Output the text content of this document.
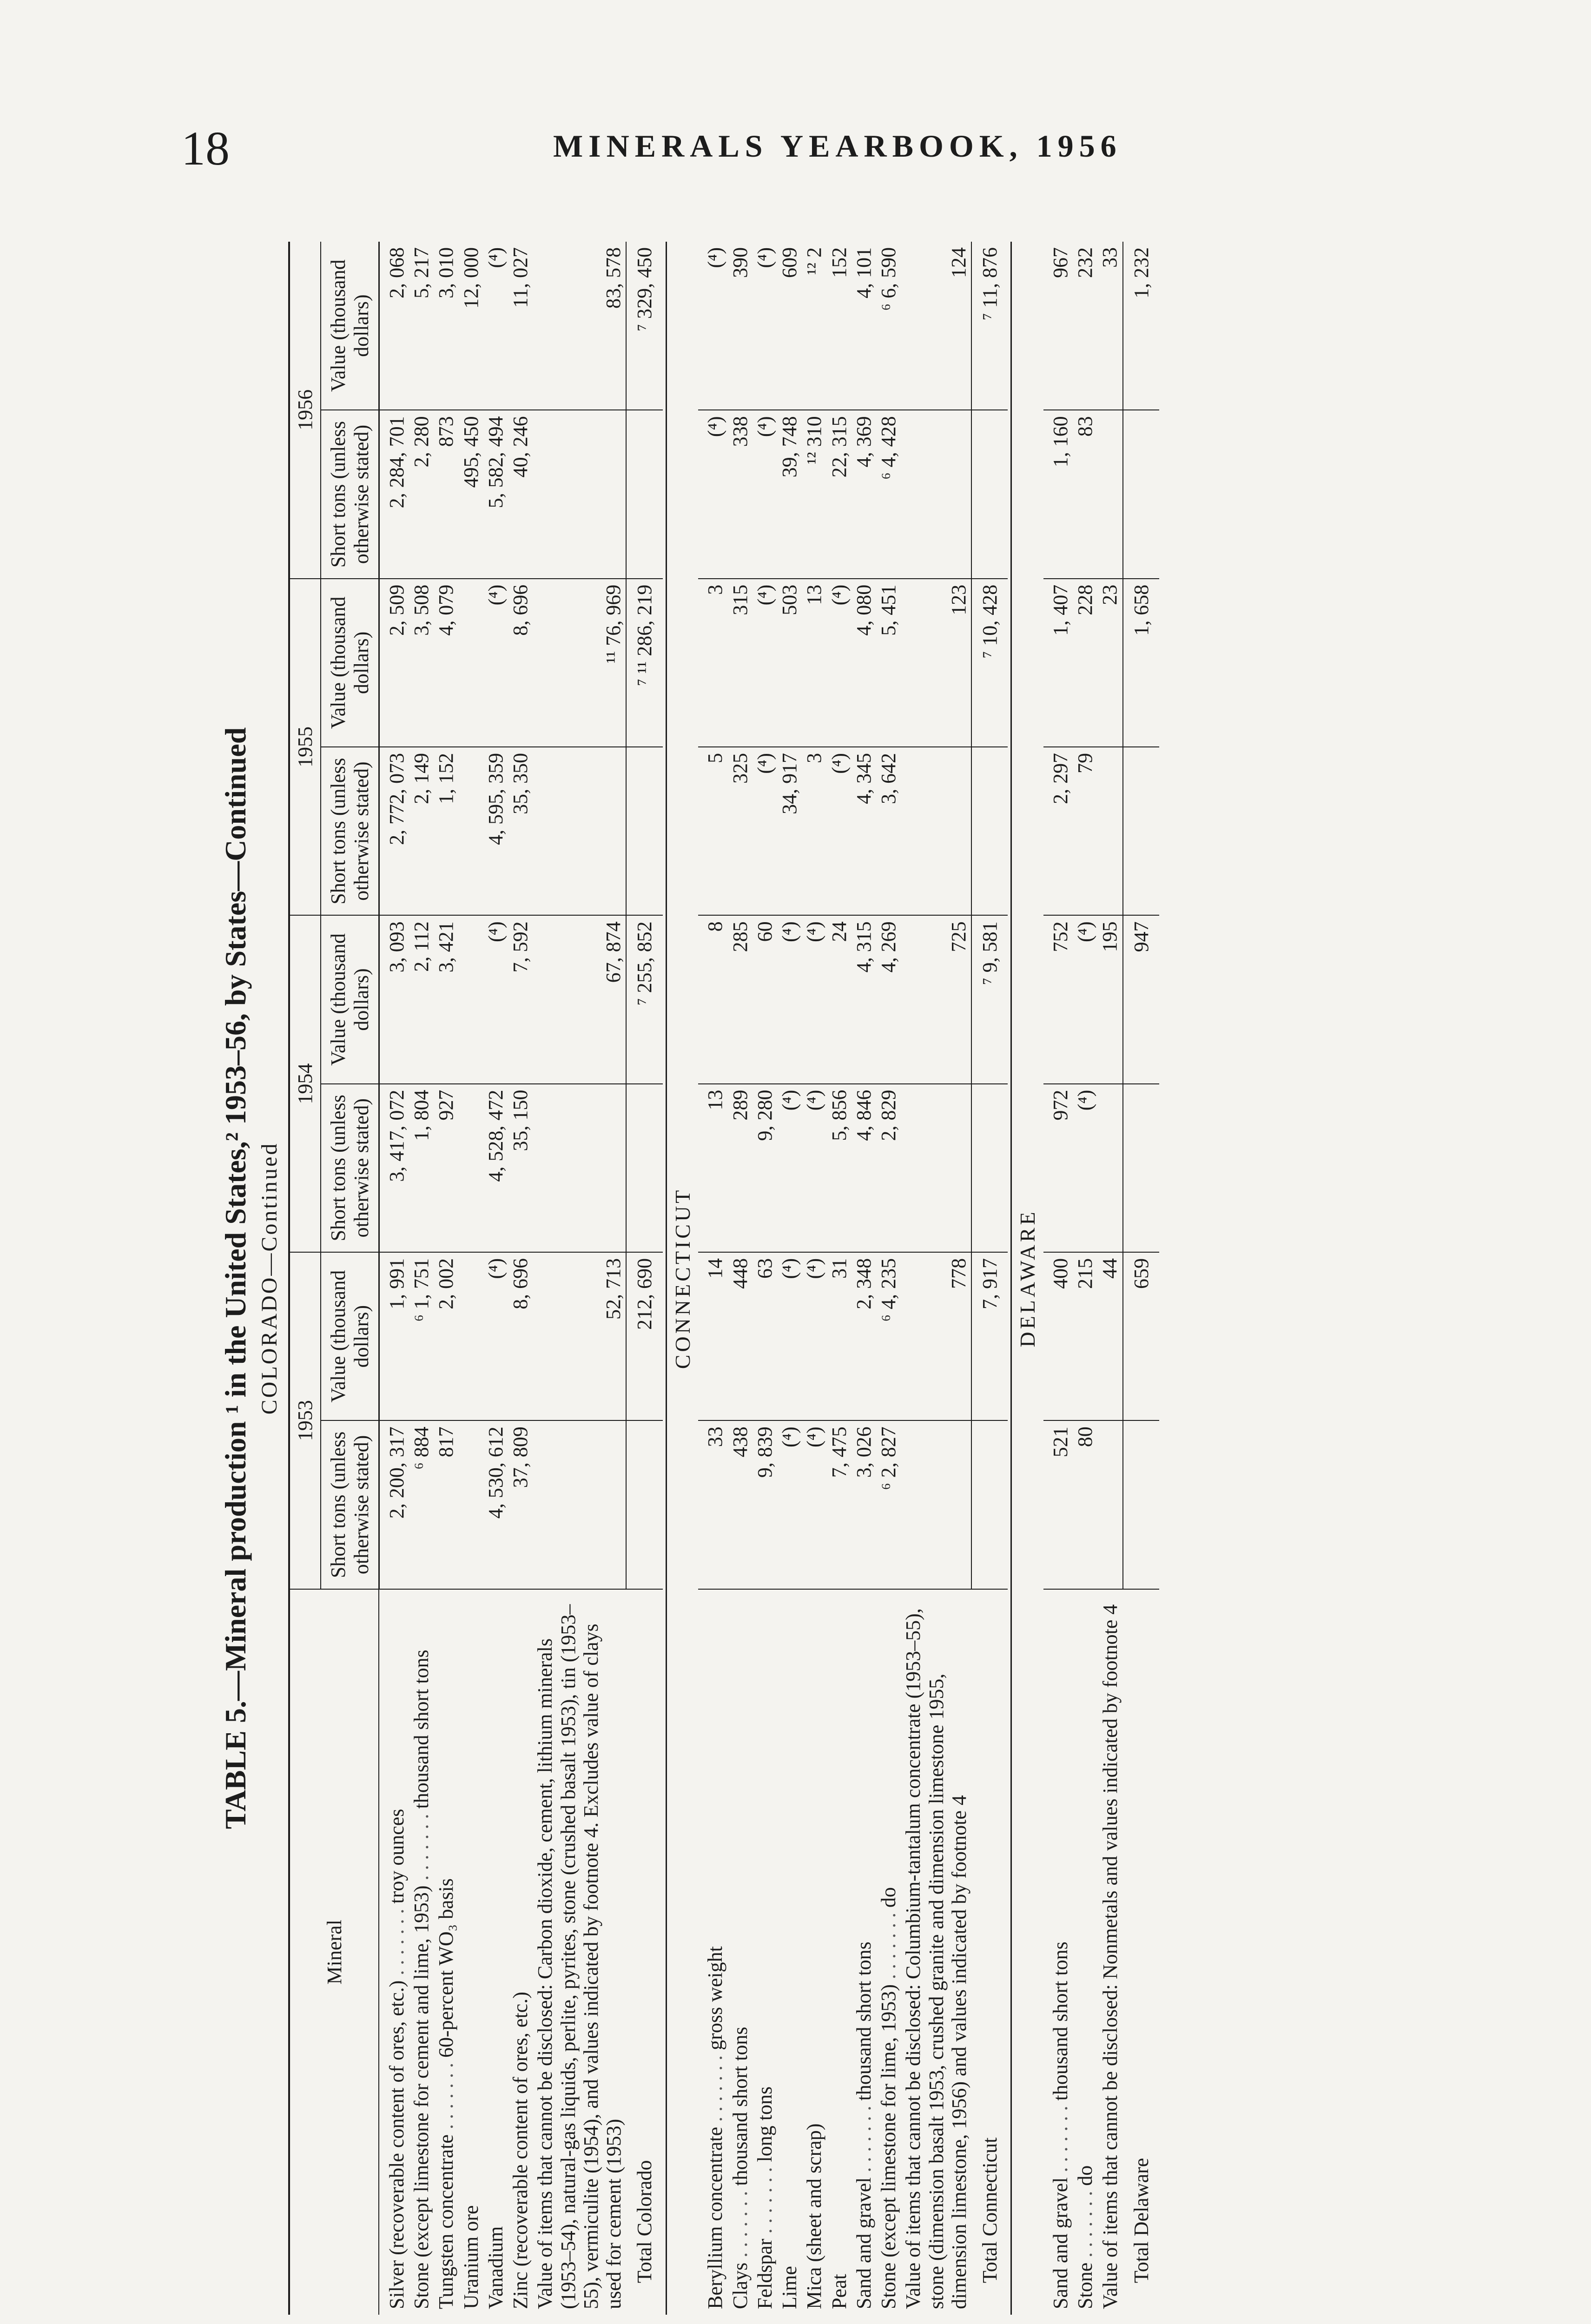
18	MINERALS YEARBOOK, 1956
TABLE 5.—Mineral production ¹ in the United States,² 1953–56, by States—Continued COLORADO—Continued
Mineral	1953		1954		1955		1956	
	Short tons (unless otherwise stated)	Value (thousand dollars)	Short tons (unless otherwise stated)	Value (thousand dollars)	Short tons (unless otherwise stated)	Value (thousand dollars)	Short tons (unless otherwise stated)	Value (thousand dollars)
Silver (recoverable content of ores, etc.) . . . . . . . troy ounces	2, 200, 317	1, 991	3, 417, 072	3, 093	2, 772, 073	2, 509	2, 284, 701	2, 068
Stone (except limestone for cement and lime, 1953) . . . . . . . thousand short tons	⁶ 884	⁶ 1, 751	1, 804	2, 112	2, 149	3, 508	2, 280	5, 217
Tungsten concentrate . . . . . . . 60-percent WO₃ basis	817	2, 002	927	3, 421	1, 152	4, 079	873	3, 010
Uranium ore							495, 450	12, 000
Vanadium	4, 530, 612	(⁴)	4, 528, 472	(⁴)	4, 595, 359	(⁴)	5, 582, 494	(⁴)
Zinc (recoverable content of ores, etc.)	37, 809	8, 696	35, 150	7, 592	35, 350	8, 696	40, 246	11, 027
Value of items that cannot be disclosed: Carbon dioxide, cement, lithium minerals (1953–54), natural-gas liquids, perlite, pyrites, stone (crushed basalt 1953), tin (1953–55), vermiculite (1954), and values indicated by footnote 4. Excludes value of clays used for cement (1953)		52, 713		67, 874		¹¹ 76, 969		83, 578
Total Colorado		212, 690		⁷ 255, 852		⁷ ¹¹ 286, 219		⁷ 329, 450

CONNECTICUT								
Beryllium concentrate . . . . . . . gross weight	33	14	13	8	5	3	(⁴)	(⁴)
Clays . . . . . . . thousand short tons	438	448	289	285	325	315	338	390
Feldspar . . . . . . . long tons	9, 839	63	9, 280	60	(⁴)	(⁴)	(⁴)	(⁴)
Lime	(⁴)	(⁴)	(⁴)	(⁴)	34, 917	503	39, 748	609
Mica (sheet and scrap)	(⁴)	(⁴)	(⁴)	(⁴)	3	13	¹² 310	¹² 2
Peat	7, 475	31	5, 856	24	(⁴)	(⁴)	22, 315	152
Sand and gravel . . . . . . . thousand short tons	3, 026	2, 348	4, 846	4, 315	4, 345	4, 080	4, 369	4, 101
Stone (except limestone for lime, 1953) . . . . . . . do	⁶ 2, 827	⁶ 4, 235	2, 829	4, 269	3, 642	5, 451	⁶ 4, 428	⁶ 6, 590
Value of items that cannot be disclosed: Columbium-tantalum concentrate (1953–55), stone (dimension basalt 1953, crushed granite and dimension limestone 1955, dimension limestone, 1956) and values indicated by footnote 4		778		725		123		124
Total Connecticut		7, 917		⁷ 9, 581		⁷ 10, 428		⁷ 11, 876

DELAWARE								
Sand and gravel . . . . . . . thousand short tons	521	400	972	752	2, 297	1, 407	1, 160	967
Stone . . . . . . . do	80	215	(⁴)	(⁴)	79	228	83	232
Value of items that cannot be disclosed: Nonmetals and values indicated by footnote 4		44		195		23		33
Total Delaware		659		947		1, 658		1, 232
